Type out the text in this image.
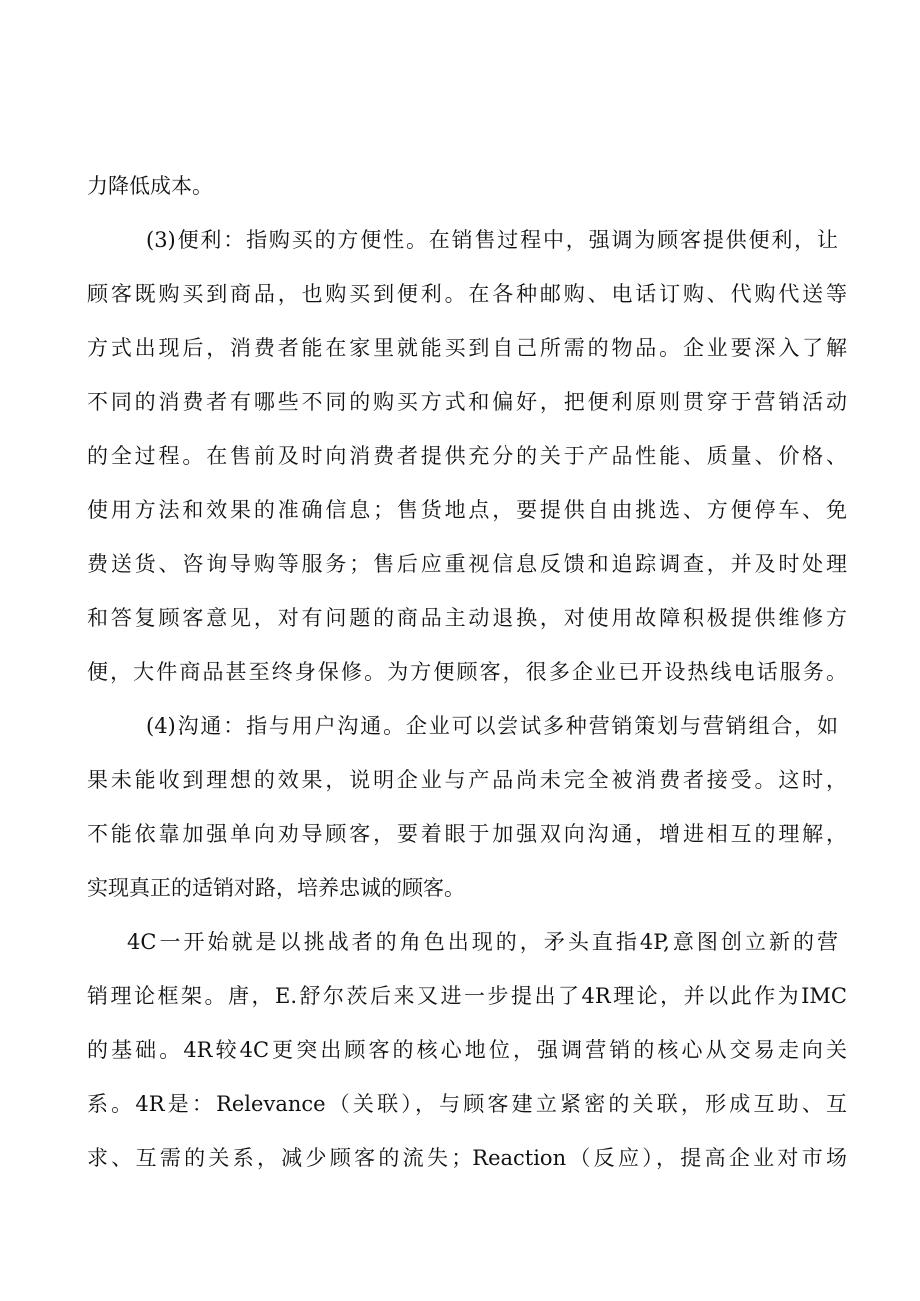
力降低成本。

(3)便利：指购买的方便性。在销售过程中，强调为顾客提供便利，让

顾客既购买到商品，也购买到便利。在各种邮购、电话订购、代购代送等

方式出现后，消费者能在家里就能买到自己所需的物品。企业要深入了解

不同的消费者有哪些不同的购买方式和偏好，把便利原则贯穿于营销活动

的全过程。在售前及时向消费者提供充分的关于产品性能、质量、价格、

使用方法和效果的准确信息；售货地点，要提供自由挑选、方便停车、免

费送货、咨询导购等服务；售后应重视信息反馈和追踪调查，并及时处理

和答复顾客意见，对有问题的商品主动退换，对使用故障积极提供维修方

便，大件商品甚至终身保修。为方便顾客，很多企业已开设热线电话服务。

(4)沟通：指与用户沟通。企业可以尝试多种营销策划与营销组合，如

果未能收到理想的效果，说明企业与产品尚未完全被消费者接受。这时，

不能依靠加强单向劝导顾客，要着眼于加强双向沟通，增进相互的理解，

实现真正的适销对路，培养忠诚的顾客。

4C一开始就是以挑战者的角色出现的，矛头直指4P,意图创立新的营

销理论框架。唐，E.舒尔茨后来又进一步提出了4R理论，并以此作为IMC

的基础。4R较4C更突出顾客的核心地位，强调营销的核心从交易走向关

系。4R是：Relevance（关联），与顾客建立紧密的关联，形成互助、互

求、互需的关系，减少顾客的流失；Reaction（反应），提高企业对市场
